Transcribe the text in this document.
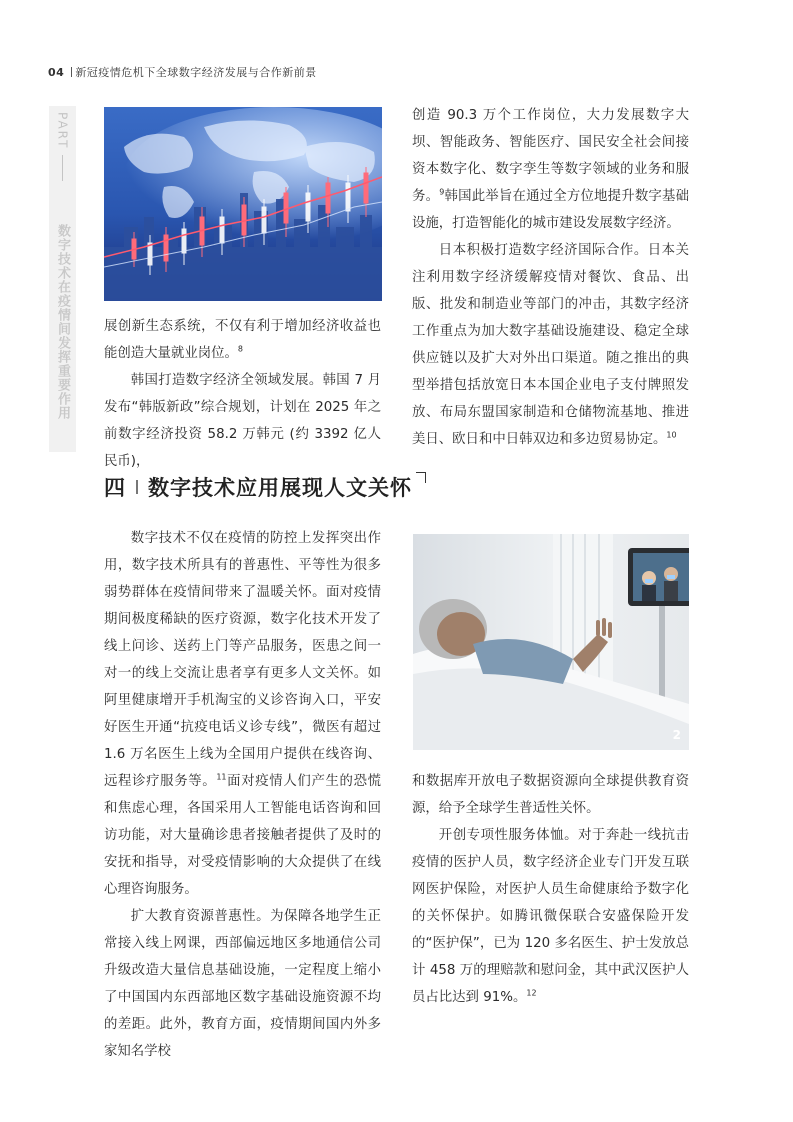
04 新冠疫情危机下全球数字经济发展与合作新前景
PART
数字技术在疫情间发挥重要作用	展创新生态系统，不仅有利于增加经济收益也能创造大量就业岗位。$^8$

韩国打造数字经济全领域发展。韩国 7 月发布“韩版新政”综合规划，计划在 2025 年之前数字经济投资 58.2 万韩元 (约 3392 亿人民币)，

创造 90.3 万个工作岗位，大力发展数字大坝、智能政务、智能医疗、国民安全社会间接资本数字化、数字孪生等数字领域的业务和服务。$^9$韩国此举旨在通过全方位地提升数字基础设施，打造智能化的城市建设发展数字经济。

日本积极打造数字经济国际合作。日本关注利用数字经济缓解疫情对餐饮、食品、出版、批发和制造业等部门的冲击，其数字经济工作重点为加大数字基础设施建设、稳定全球供应链以及扩大对外出口渠道。随之推出的典型举措包括放宽日本本国企业电子支付牌照发放、布局东盟国家制造和仓储物流基地、推进美日、欧日和中日韩双边和多边贸易协定。$^{10}$

四 数字技术应用展现人文关怀

数字技术不仅在疫情的防控上发挥突出作用，数字技术所具有的普惠性、平等性为很多弱势群体在疫情间带来了温暖关怀。面对疫情期间极度稀缺的医疗资源，数字化技术开发了线上问诊、送药上门等产品服务，医患之间一对一的线上交流让患者享有更多人文关怀。如阿里健康增开手机淘宝的义诊咨询入口，平安好医生开通“抗疫电话义诊专线”，微医有超过 1.6 万名医生上线为全国用户提供在线咨询、远程诊疗服务等。$^{11}$面对疫情人们产生的恐慌和焦虑心理，各国采用人工智能电话咨询和回访功能，对大量确诊患者接触者提供了及时的安抚和指导，对受疫情影响的大众提供了在线心理咨询服务。

扩大教育资源普惠性。为保障各地学生正常接入线上网课，西部偏远地区多地通信公司升级改造大量信息基础设施，一定程度上缩小了中国国内东西部地区数字基础设施资源不均的差距。此外，教育方面，疫情期间国内外多家知名学校

2

和数据库开放电子数据资源向全球提供教育资源，给予全球学生普适性关怀。

开创专项性服务体恤。对于奔赴一线抗击疫情的医护人员，数字经济企业专门开发互联网医护保险，对医护人员生命健康给予数字化的关怀保护。如腾讯微保联合安盛保险开发的“医护保”，已为 120 多名医生、护士发放总计 458 万的理赔款和慰问金，其中武汉医护人员占比达到 91%。$^{12}$
